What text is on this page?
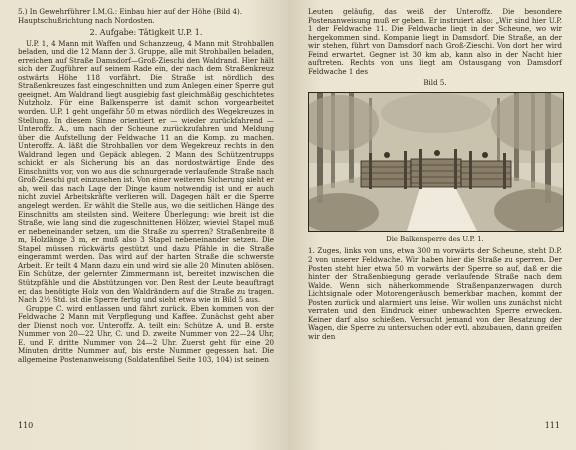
5.) In Gewehrführer I.M.G.: Einbau hier auf der Höhe (Bild 4).

Hauptschußrichtung nach Nordosten.

2. Aufgabe: Tätigkeit U.P. 1.

U.P. 1, 4 Mann mit Waffen und Schanzzeug, 4 Mann mit Strohballen beladen, und die 12 Mann der 3. Gruppe, alle mit Strohballen beladen, erreichen auf Straße Damsdorf—Groß-Zieschi den Waldrand. Hier hält sich der Zugführer auf seinem Rade ein, der nach dem Straßenkreuz ostwärts Höhe 118 vorfährt. Die Straße ist nördlich des Straßenkreuzes fast eingeschnitten und zum Anlegen einer Sperre gut geeignet. Am Waldrand liegt ausgiebig fast gleichmäßig geschichtetes Nutzholz. Für eine Balkensperre ist damit schon vorgearbeitet worden. U.P. 1 geht ungefähr 50 m etwas nördlich des Wegekreuzes in Stellung. In diesem Sinne orientiert er — wieder zurückfahrend — Unteroffz. A., um nach der Scheune zurückzufahren und Meldung über die Aufstellung der Feldwache 11 an die Komp. zu machen. Unteroffz. A. läßt die Strohballen vor dem Wegekreuz rechts in den Waldrand legen und Gepäck ablegen. 2 Mann des Schützentrupps schickt er als Sicherung bis an das nordostwärtige Ende des Einschnitts vor, von wo aus die schnurgerade verlaufende Straße nach Groß-Zieschi gut einzusehen ist. Von einer weiteren Sicherung sieht er ab, weil das nach Lage der Dinge kaum notwendig ist und er auch nicht zuviel Arbeitskräfte verlieren will. Dagegen hält er die Sperre angelegt werden. Er wählt die Stelle aus, wo die seitlichen Hänge des Einschnitts am steilsten sind. Weitere Überlegung: wie breit ist die Straße, wie lang sind die zugeschnittenen Hölzer, wieviel Stapel muß er nebeneinander setzen, um die Straße zu sperren? Straßenbreite 8 m, Holzlänge 3 m, er muß also 3 Stapel nebeneinander setzen. Die Stapel müssen rückwärts gestützt und dazu Pfähle in die Straße eingerammt werden. Das wird auf der harten Straße die schwerste Arbeit. Er teilt 4 Mann dazu ein und wird sie alle 20 Minuten ablösen. Ein Schütze, der gelernter Zimmermann ist, bereitet inzwischen die Stützpfähle und die Abstützungen vor. Den Rest der Leute beauftragt er, das benötigte Holz von den Waldrändern auf die Straße zu tragen. Nach 2½ Std. ist die Sperre fertig und sieht etwa wie in Bild 5 aus.

Gruppe C. wird entlassen und fährt zurück. Eben kommen von der Feldwache 2 Mann mit Verpflegung und Kaffee. Zunächst geht aber der Dienst noch vor. Unteroffz. A. teilt ein: Schütze A. und B. erste Nummer von 20—22 Uhr, C. und D. zweite Nummer von 22—24 Uhr, E. und F. dritte Nummer von 24—2 Uhr. Zuerst geht für eine 20 Minuten dritte Nummer auf, bis erste Nummer gegessen hat. Die allgemeine Postenanweisung (Soldatenfibel Seite 103, 104) ist seinen

110

Leuten geläufig, das weiß der Unteroffz. Die besondere Postenanweisung muß er geben. Er instruiert also: „Wir sind hier U.P. 1 der Feldwache 11. Die Feldwache liegt in der Scheune, wo wir hergekommen sind. Kompanie liegt in Damsdorf. Die Straße, an der wir stehen, führt von Damsdorf nach Groß-Zieschi. Von dort her wird Feind erwartet. Gegner ist 30 km ab, kann also in der Nacht hier auftreten. Rechts von uns liegt am Ostausgang von Damsdorf Feldwache 1 des

Bild 5.
Die Balkensperre des U.P. 1.

1. Zuges, links von uns, etwa 300 m vorwärts der Scheune, steht D.P. 2 von unserer Feldwache. Wir haben hier die Straße zu sperren. Der Posten steht hier etwa 50 m vorwärts der Sperre so auf, daß er die hinter der Straßenbiegung gerade verlaufende Straße nach dem Walde. Wenn sich näherkommende Straßenpanzerwagen durch Lichtsignale oder Motorengeräusch bemerkbar machen, kommt der Posten zurück und alarmiert uns leise. Wir wollen uns zunächst nicht verraten und den Eindruck einer unbewachten Sperre erwecken. Keiner darf also schießen. Versucht jemand von der Besatzung der Wagen, die Sperre zu untersuchen oder evtl. abzubauen, dann greifen wir den

111
